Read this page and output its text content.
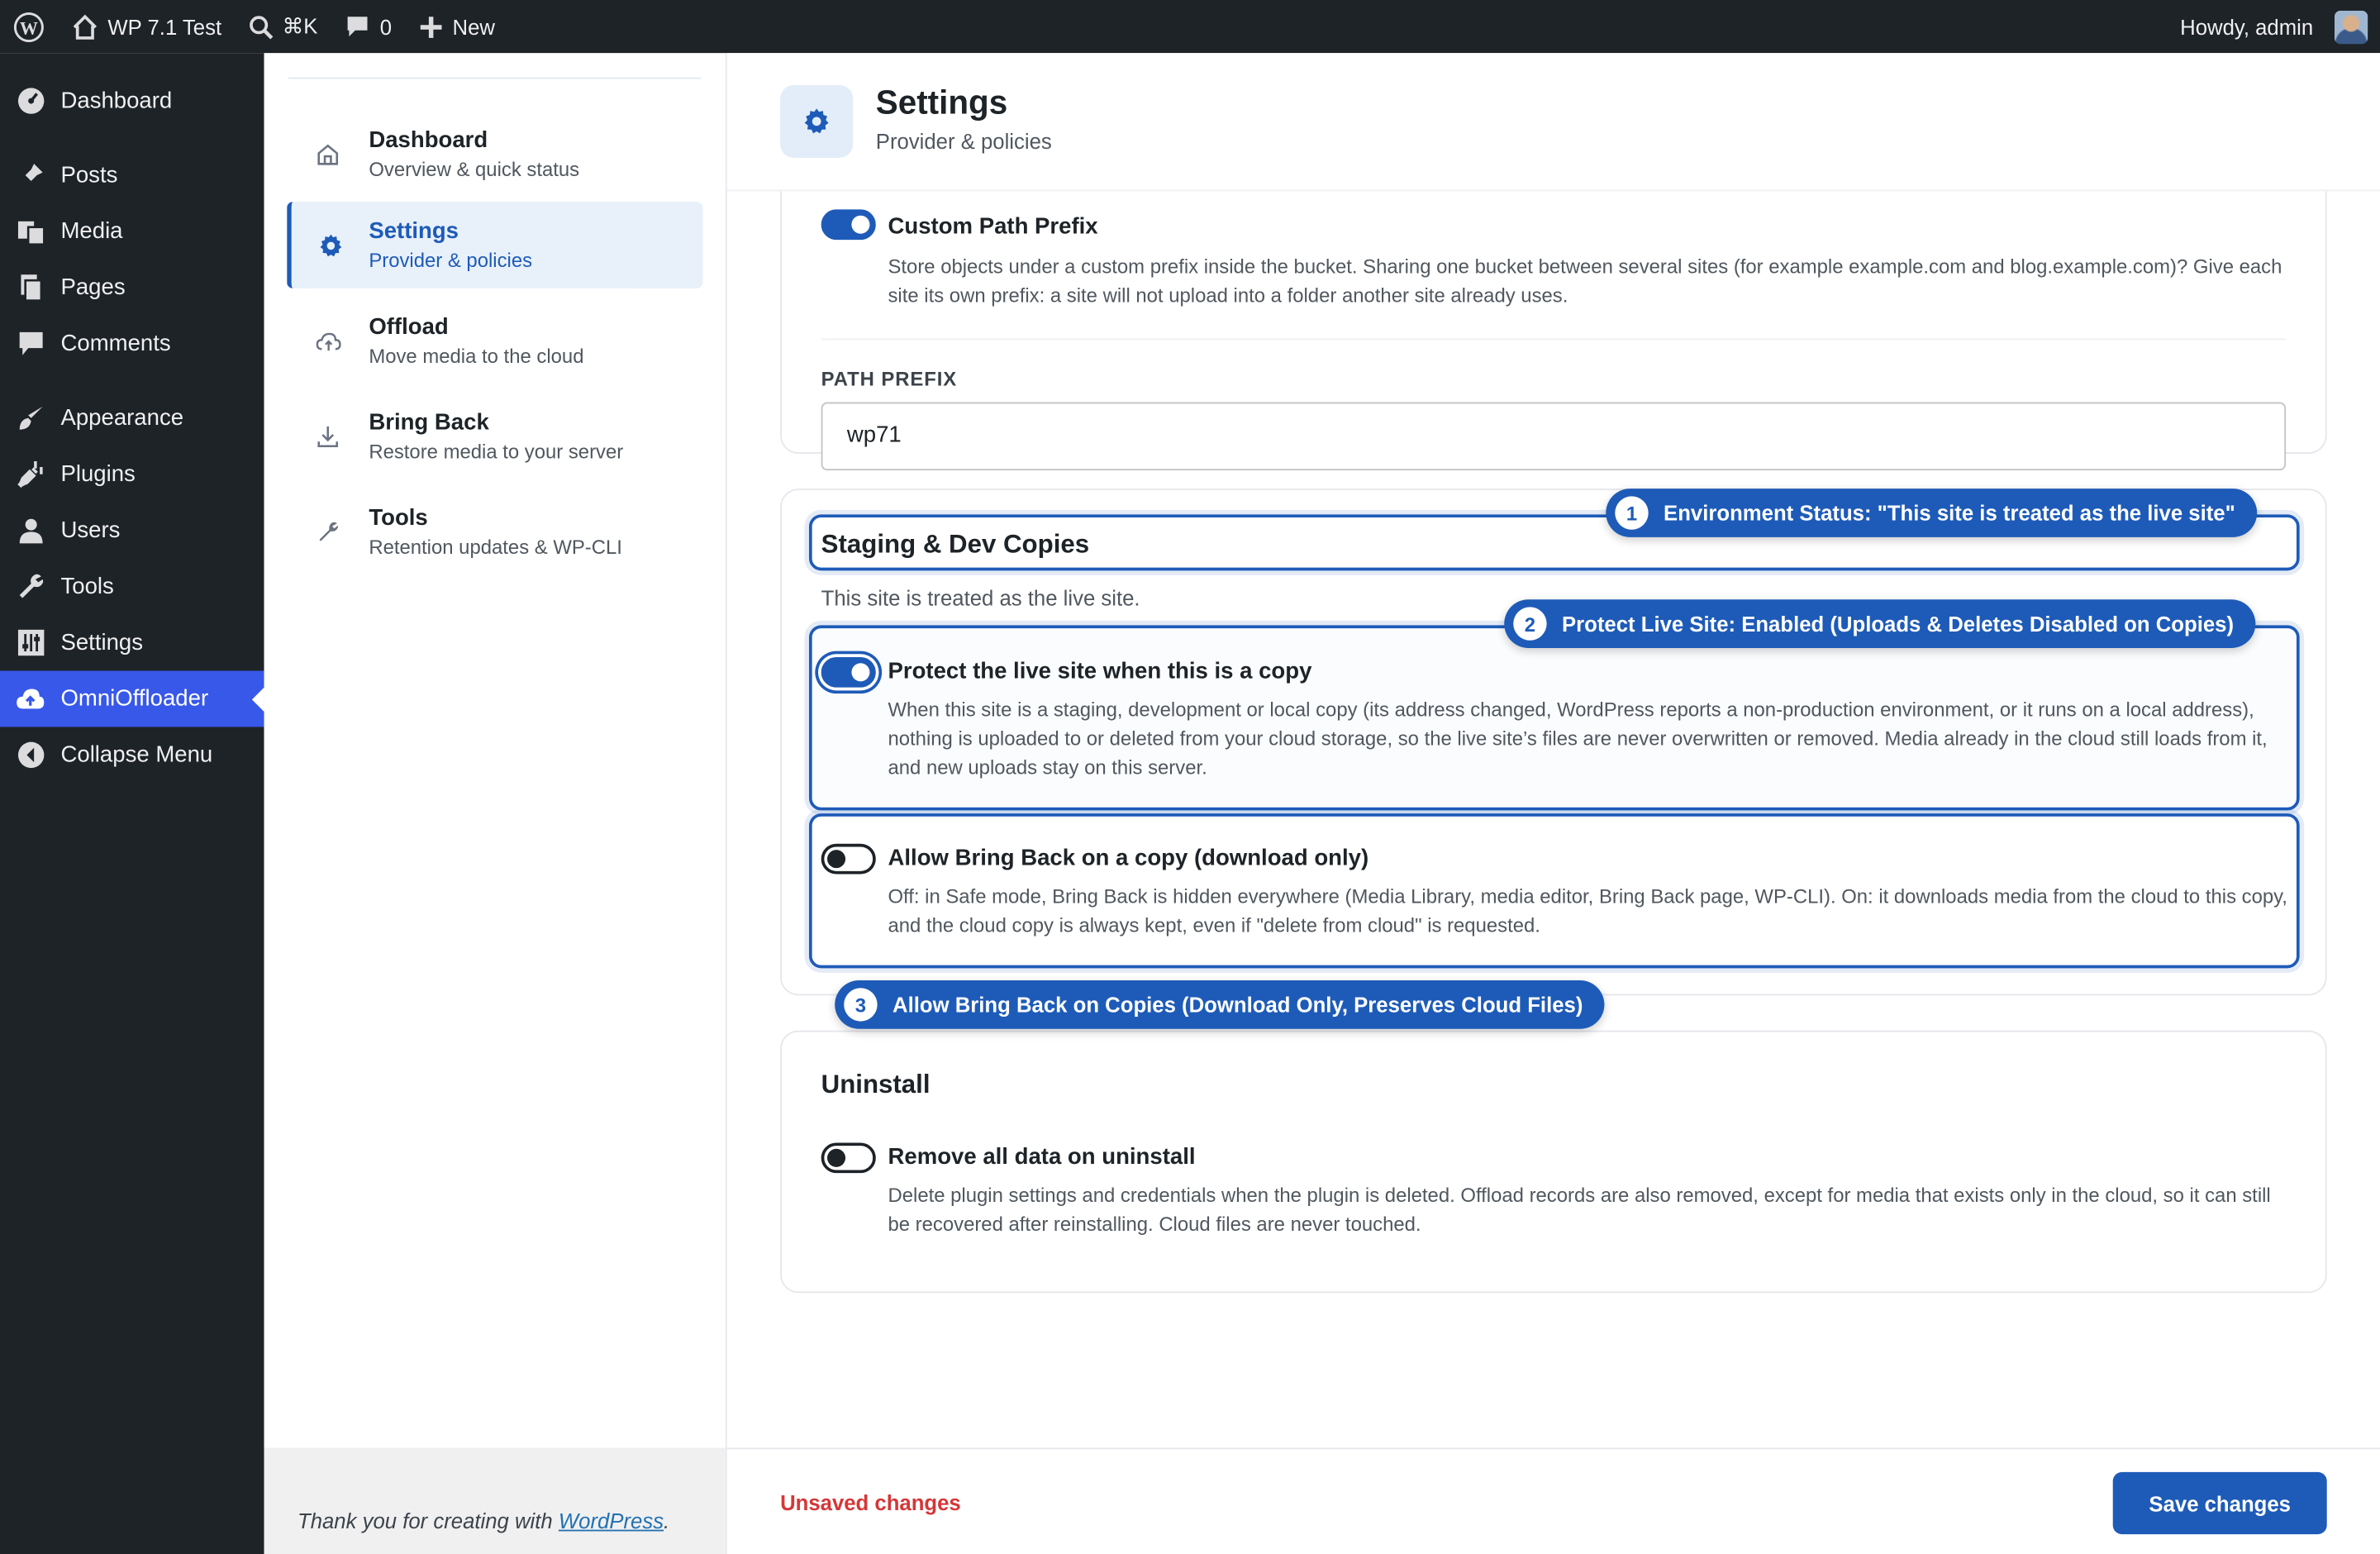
W	WP 7.1 Test	⌘K	0	New	Howdy, admin
Dashboard
Posts
Media
Pages
Comments
Appearance
Plugins
Users
Tools
Settings
OmniOffloader
Collapse Menu
Dashboard
Overview & quick status
Settings
Provider & policies
Offload
Move media to the cloud
Bring Back
Restore media to your server
Tools
Retention updates & WP-CLI
Thank you for creating with WordPress.
Settings
Provider & policies
Custom Path Prefix
Store objects under a custom prefix inside the bucket. Sharing one bucket between several sites (for example example.com and blog.example.com)? Give each site its own prefix: a site will not upload into a folder another site already uses.
PATH PREFIX
wp71
Staging & Dev Copies
This site is treated as the live site.
Protect the live site when this is a copy
When this site is a staging, development or local copy (its address changed, WordPress reports a non-production environment, or it runs on a local address), nothing is uploaded to or deleted from your cloud storage, so the live site’s files are never overwritten or removed. Media already in the cloud still loads from it, and new uploads stay on this server.
Allow Bring Back on a copy (download only)
Off: in Safe mode, Bring Back is hidden everywhere (Media Library, media editor, Bring Back page, WP-CLI). On: it downloads media from the cloud to this copy, and the cloud copy is always kept, even if "delete from cloud" is requested.
Uninstall
Remove all data on uninstall
Delete plugin settings and credentials when the plugin is deleted. Offload records are also removed, except for media that exists only in the cloud, so it can still be recovered after reinstalling. Cloud files are never touched.
1	Environment Status: "This site is treated as the live site"
2	Protect Live Site: Enabled (Uploads & Deletes Disabled on Copies)
3	Allow Bring Back on Copies (Download Only, Preserves Cloud Files)
Unsaved changes	Save changes
